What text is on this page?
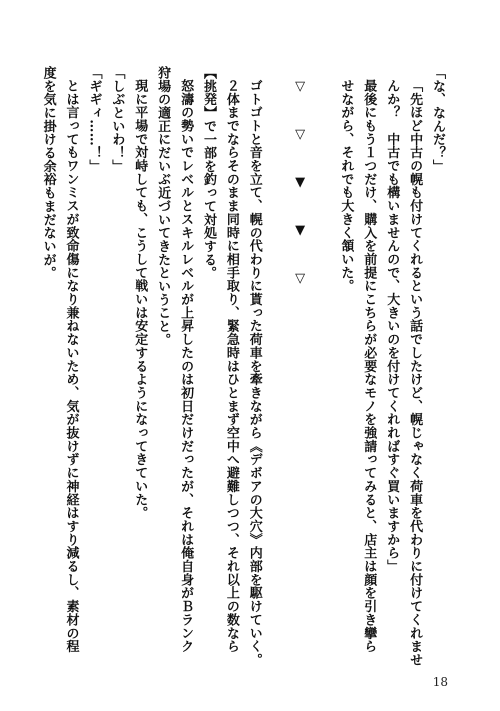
「な、なんだ？」
「先ほど中古の幌も付けてくれるという話でしたけど、幌じゃなく荷車を代わりに付けてくれませ
んか？　中古でも構いませんので、大きいのを付けてくれればすぐ買いますから」
最後にもう１つだけ、購入を前提にこちらが必要なモノを強請ってみると、店主は顔を引き攣ら
せながら、それでも大きく頷いた。
▽　▽　▼　▼　▽
ゴトゴトと音を立て、幌の代わりに貰った荷車を牽きながら《デボアの大穴》内部を駆けていく。
２体までならそのまま同時に相手取り、緊急時はひとまず空中へ避難しつつ、それ以上の数なら
【挑発】で一部を釣って対処する。
怒濤の勢いでレベルとスキルレベルが上昇したのは初日だけだったが、それは俺自身がＢランク
狩場の適正にだいぶ近づいてきたということ。
現に平場で対峙しても、こうして戦いは安定するようになってきていた。
「しぶといわ！」
「ギギィ……！」
とは言ってもワンミスが致命傷になり兼ねないため、気が抜けずに神経はすり減るし、素材の程
度を気に掛ける余裕もまだないが。
18
